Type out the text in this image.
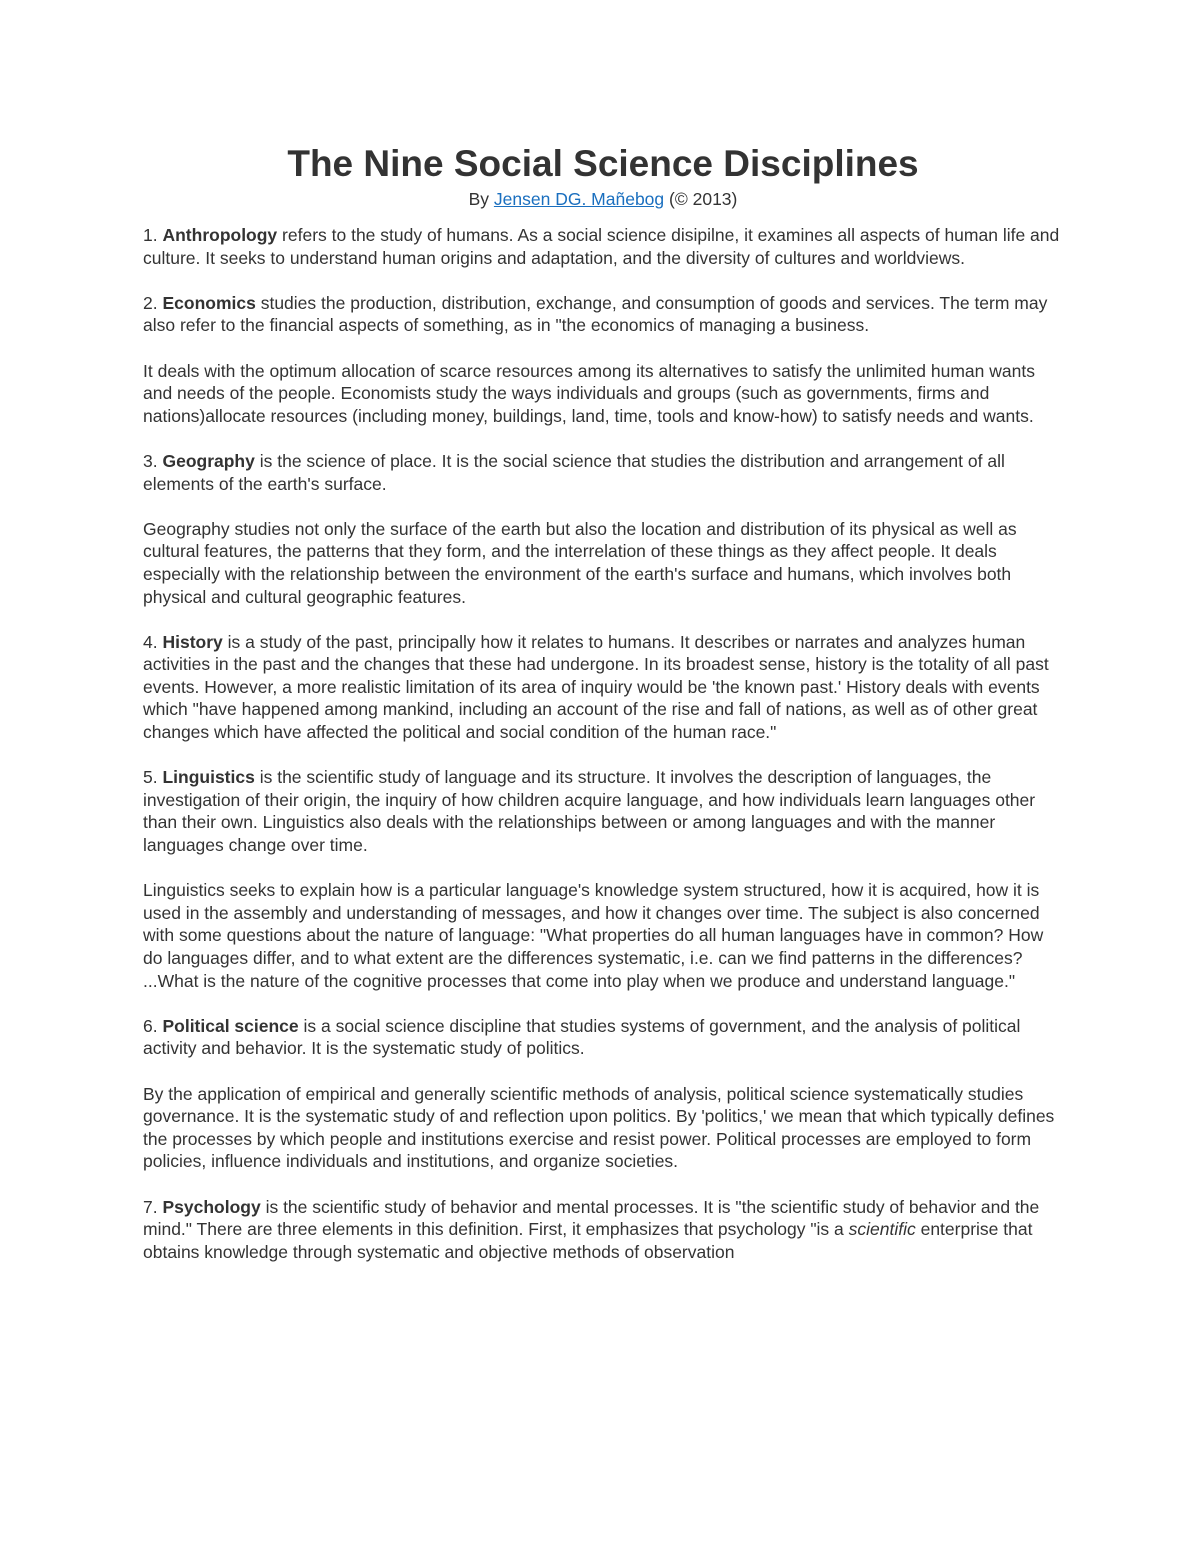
The Nine Social Science Disciplines

By Jensen DG. Mañebog (© 2013)

1. Anthropology refers to the study of humans. As a social science disipilne, it examines all aspects of human life and culture. It seeks to understand human origins and adaptation, and the diversity of cultures and worldviews.

2. Economics studies the production, distribution, exchange, and consumption of goods and services. The term may also refer to the financial aspects of something, as in "the economics of managing a business.

It deals with the optimum allocation of scarce resources among its alternatives to satisfy the unlimited human wants and needs of the people. Economists study the ways individuals and groups (such as governments, firms and nations)allocate resources (including money, buildings, land, time, tools and know-how) to satisfy needs and wants.

3. Geography is the science of place. It is the social science that studies the distribution and arrangement of all elements of the earth's surface.

Geography studies not only the surface of the earth but also the location and distribution of its physical as well as cultural features, the patterns that they form, and the interrelation of these things as they affect people. It deals especially with the relationship between the environment of the earth's surface and humans, which involves both physical and cultural geographic features.

4. History is a study of the past, principally how it relates to humans. It describes or narrates and analyzes human activities in the past and the changes that these had undergone. In its broadest sense, history is the totality of all past events. However, a more realistic limitation of its area of inquiry would be 'the known past.' History deals with events which "have happened among mankind, including an account of the rise and fall of nations, as well as of other great changes which have affected the political and social condition of the human race."

5. Linguistics is the scientific study of language and its structure. It involves the description of languages, the investigation of their origin, the inquiry of how children acquire language, and how individuals learn languages other than their own. Linguistics also deals with the relationships between or among languages and with the manner languages change over time.

Linguistics seeks to explain how is a particular language's knowledge system structured, how it is acquired, how it is used in the assembly and understanding of messages, and how it changes over time. The subject is also concerned with some questions about the nature of language: "What properties do all human languages have in common? How do languages differ, and to what extent are the differences systematic, i.e. can we find patterns in the differences? ...What is the nature of the cognitive processes that come into play when we produce and understand language."

6. Political science is a social science discipline that studies systems of government, and the analysis of political activity and behavior. It is the systematic study of politics.

By the application of empirical and generally scientific methods of analysis, political science systematically studies governance. It is the systematic study of and reflection upon politics. By 'politics,' we mean that which typically defines the processes by which people and institutions exercise and resist power. Political processes are employed to form policies, influence individuals and institutions, and organize societies.

7. Psychology is the scientific study of behavior and mental processes. It is "the scientific study of behavior and the mind." There are three elements in this definition. First, it emphasizes that psychology "is a scientific enterprise that obtains knowledge through systematic and objective methods of observation
